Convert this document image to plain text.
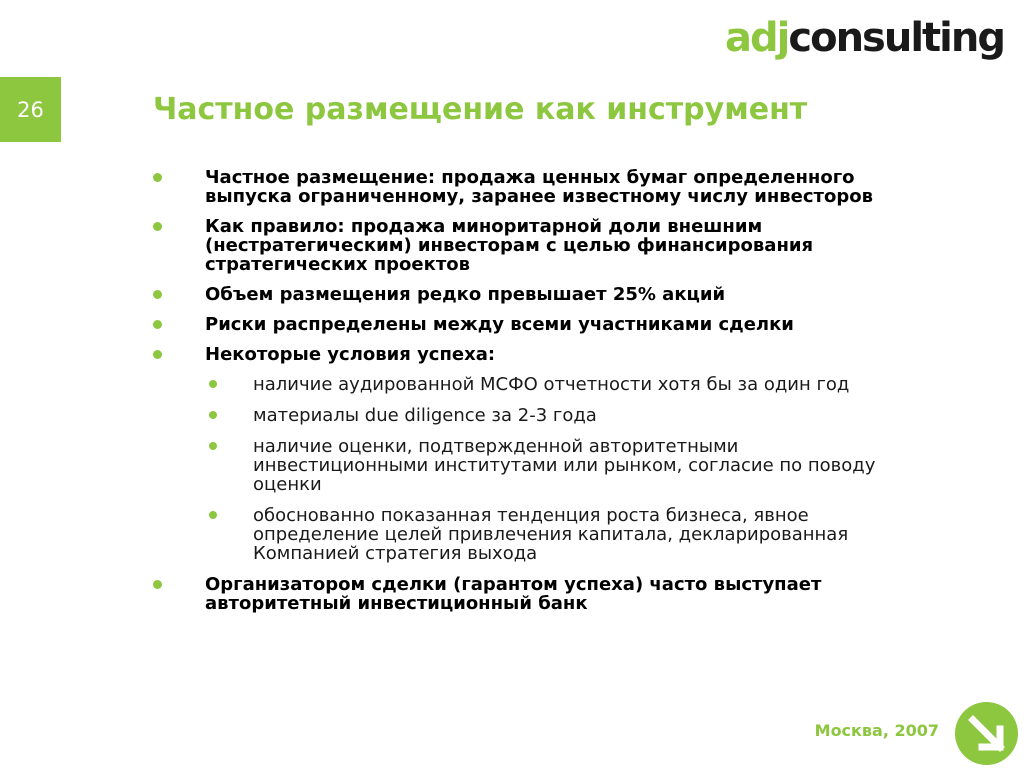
26
adjconsulting
Частное размещение как инструмент
Частное размещение: продажа ценных бумаг определенного выпуска ограниченному, заранее известному числу инвесторов
Как правило: продажа миноритарной доли внешним (нестратегическим) инвесторам с целью финансирования стратегических проектов
Объем размещения редко превышает 25% акций
Риски распределены между всеми участниками сделки
Некоторые условия успеха:
наличие аудированной МСФО отчетности хотя бы за один год
материалы due diligence за 2-3 года
наличие оценки, подтвержденной авторитетными инвестиционными институтами или рынком, согласие по поводу оценки
обоснованно показанная тенденция роста бизнеса, явное определение целей привлечения капитала, декларированная Компанией стратегия выхода
Организатором сделки (гарантом успеха) часто выступает авторитетный инвестиционный банк
Москва, 2007
